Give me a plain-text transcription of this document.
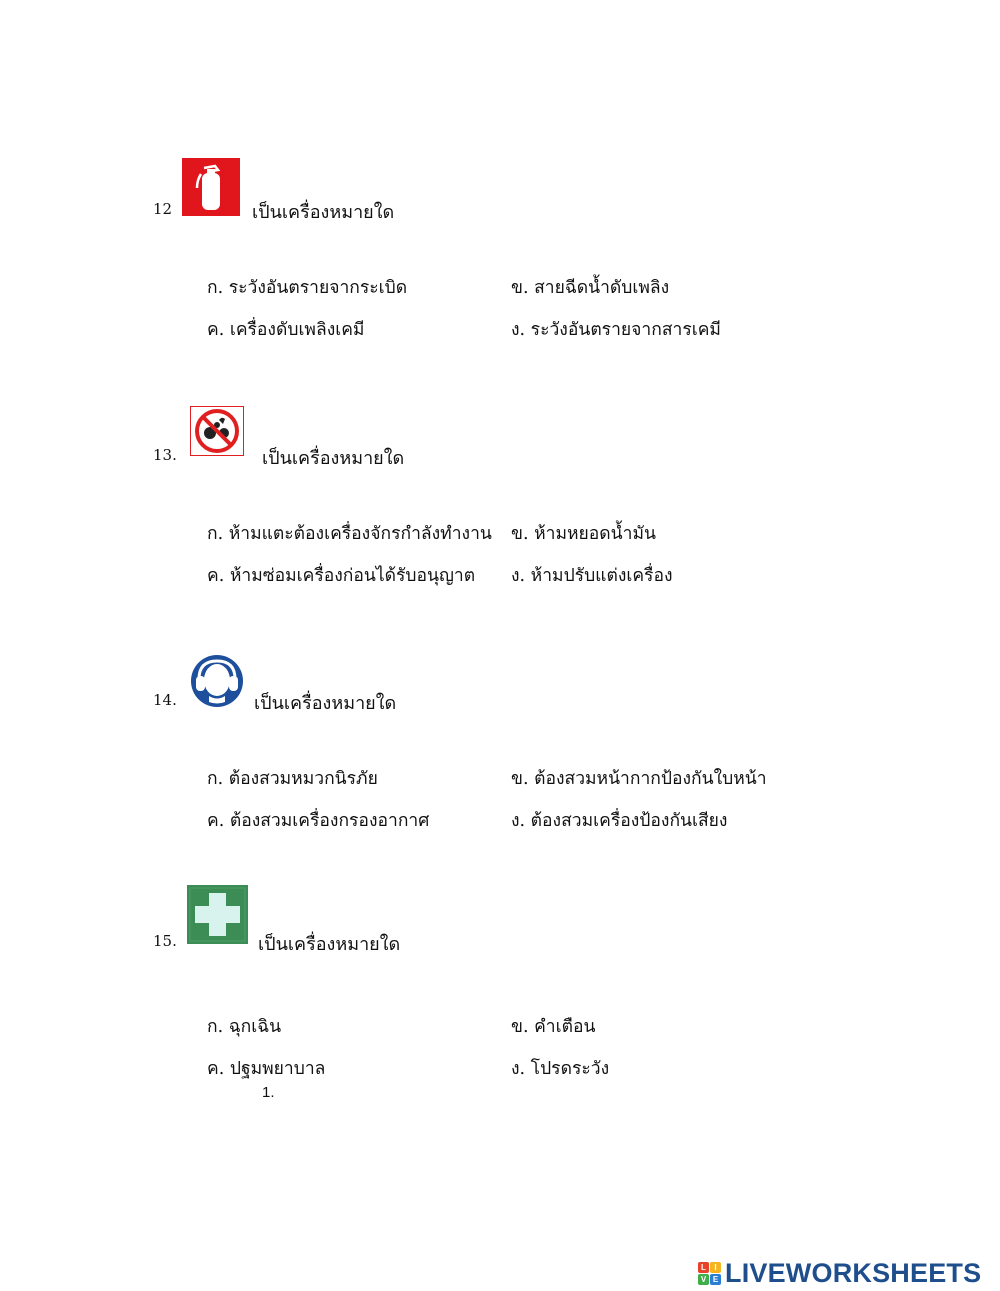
12	เป็นเครื่องหมายใด
ก. ระวังอันตรายจากระเบิด	ข. สายฉีดน้ำดับเพลิง
ค. เครื่องดับเพลิงเคมี	ง. ระวังอันตรายจากสารเคมี
13.	เป็นเครื่องหมายใด
ก. ห้ามแตะต้องเครื่องจักรกำลังทำงาน ข. ห้ามหยอดน้ำมัน
ค. ห้ามซ่อมเครื่องก่อนได้รับอนุญาต ง. ห้ามปรับแต่งเครื่อง
14.	เป็นเครื่องหมายใด
ก. ต้องสวมหมวกนิรภัย	ข. ต้องสวมหน้ากากป้องกันใบหน้า
ค. ต้องสวมเครื่องกรองอากาศ	ง. ต้องสวมเครื่องป้องกันเสียง
15.	เป็นเครื่องหมายใด
ก. ฉุกเฉิน	ข. คำเตือน
ค. ปฐมพยาบาล	ง. โปรดระวัง
1.
L	I
V E LIVEWORKSHEETS
